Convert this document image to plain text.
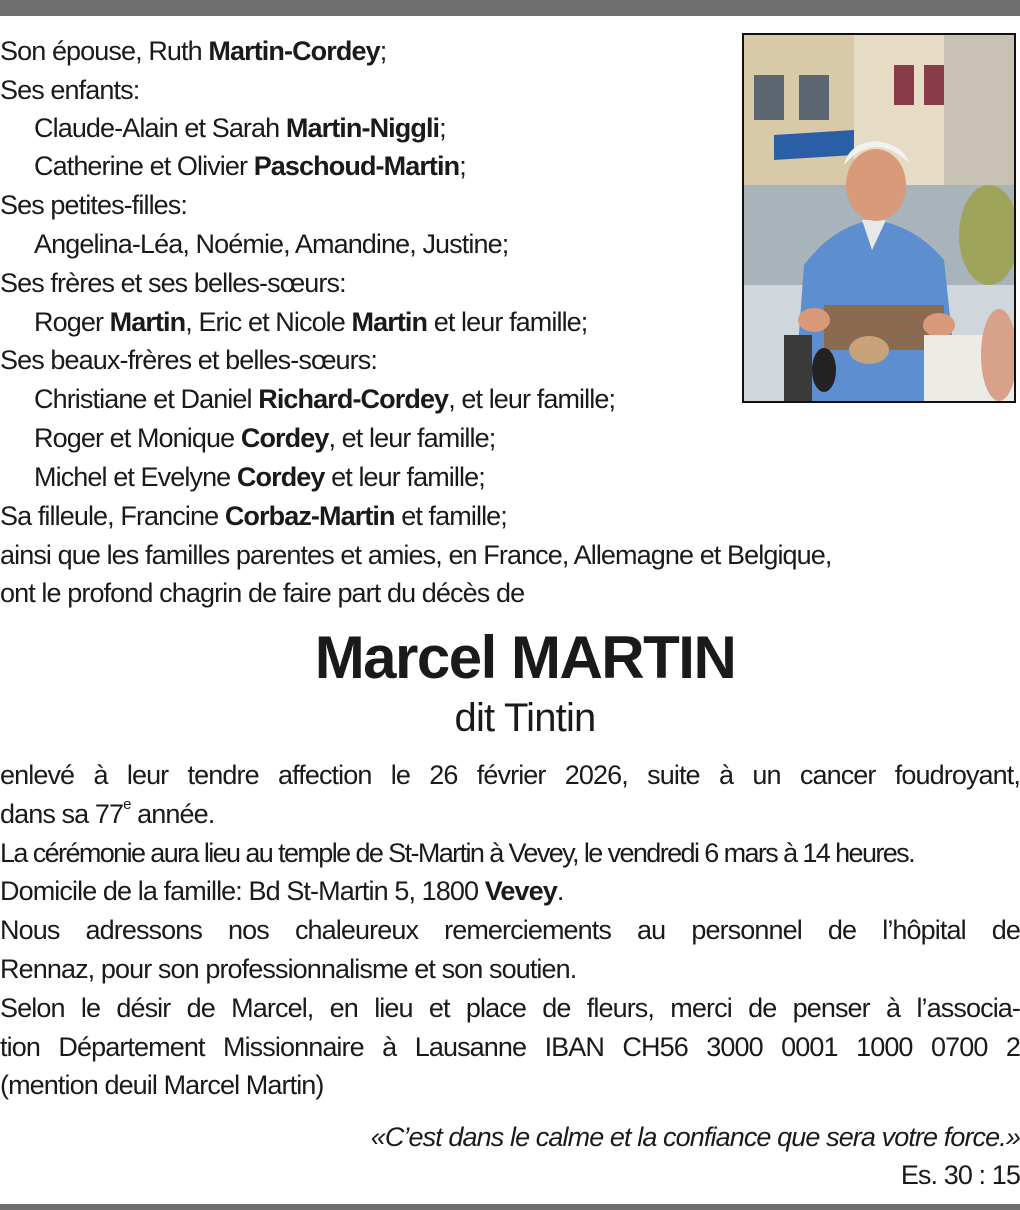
Son épouse, Ruth Martin-Cordey;
Ses enfants:
Claude-Alain et Sarah Martin-Niggli;
Catherine et Olivier Paschoud-Martin;
Ses petites-filles:
Angelina-Léa, Noémie, Amandine, Justine;
Ses frères et ses belles-sœurs:
Roger Martin, Eric et Nicole Martin et leur famille;
Ses beaux-frères et belles-sœurs:
Christiane et Daniel Richard-Cordey, et leur famille;
Roger et Monique Cordey, et leur famille;
Michel et Evelyne Cordey et leur famille;
Sa filleule, Francine Corbaz-Martin et famille;
ainsi que les familles parentes et amies, en France, Allemagne et Belgique,
ont le profond chagrin de faire part du décès de
Marcel MARTIN
dit Tintin
enlevé à leur tendre affection le 26 février 2026, suite à un cancer foudroyant,
dans sa 77e année.
La cérémonie aura lieu au temple de St-Martin à Vevey, le vendredi 6 mars à 14 heures.
Domicile de la famille: Bd St-Martin 5, 1800 Vevey.
Nous adressons nos chaleureux remerciements au personnel de l’hôpital de
Rennaz, pour son professionnalisme et son soutien.
Selon le désir de Marcel, en lieu et place de fleurs, merci de penser à l’associa-
tion Département Missionnaire à Lausanne IBAN CH56 3000 0001 1000 0700 2
(mention deuil Marcel Martin)
«C’est dans le calme et la confiance que sera votre force.»
Es. 30 : 15
